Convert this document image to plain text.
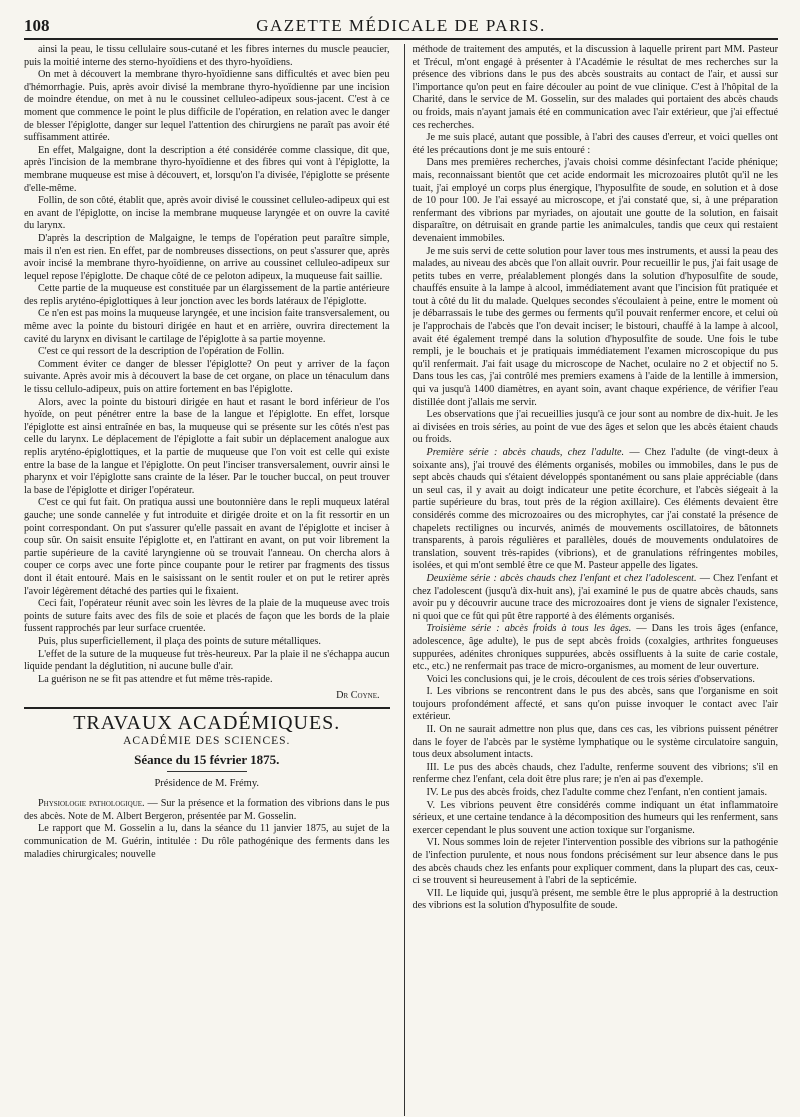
108	GAZETTE MÉDICALE DE PARIS.

ainsi la peau, le tissu cellulaire sous-cutané et les fibres internes du muscle peaucier, puis la moitié interne des sterno-hyoïdiens et des thyro-hyoïdiens.

On met à découvert la membrane thyro-hyoïdienne sans difficultés et avec bien peu d'hémorrhagie. Puis, après avoir divisé la membrane thyro-hyoïdienne par une incision de moindre étendue, on met à nu le coussinet celluleo-adipeux sous-jacent. C'est à ce moment que commence le point le plus difficile de l'opération, en relation avec le danger de blesser l'épiglotte, danger sur lequel l'attention des chirurgiens ne paraît pas avoir été suffisamment attirée.

En effet, Malgaigne, dont la description a été considérée comme classique, dit que, après l'incision de la membrane thyro-hyoïdienne et des fibres qui vont à l'épiglotte, la membrane muqueuse est mise à découvert, et, lorsqu'on l'a divisée, l'épiglotte se présente d'elle-même.

Follin, de son côté, établit que, après avoir divisé le coussinet celluleo-adipeux qui est en avant de l'épiglotte, on incise la membrane muqueuse laryngée et on ouvre la cavité du larynx.

D'après la description de Malgaigne, le temps de l'opération peut paraître simple, mais il n'en est rien. En effet, par de nombreuses dissections, on peut s'assurer que, après avoir incisé la membrane thyro-hyoïdienne, on arrive au coussinet celluleo-adipeux sur lequel repose l'épiglotte. De chaque côté de ce peloton adipeux, la muqueuse fait saillie.

Cette partie de la muqueuse est constituée par un élargissement de la partie antérieure des replis aryténo-épiglottiques à leur jonction avec les bords latéraux de l'épiglotte.

Ce n'en est pas moins la muqueuse laryngée, et une incision faite transversalement, ou même avec la pointe du bistouri dirigée en haut et en arrière, ouvrira directement la cavité du larynx en divisant le cartilage de l'épiglotte à sa partie moyenne.

C'est ce qui ressort de la description de l'opération de Follin.

Comment éviter ce danger de blesser l'épiglotte? On peut y arriver de la façon suivante. Après avoir mis à découvert la base de cet organe, on place un ténaculum dans le tissu cellulo-adipeux, puis on attire fortement en bas l'épiglotte.

Alors, avec la pointe du bistouri dirigée en haut et rasant le bord inférieur de l'os hyoïde, on peut pénétrer entre la base de la langue et l'épiglotte. En effet, lorsque l'épiglotte est ainsi entraînée en bas, la muqueuse qui se présente sur les côtés n'est pas celle du larynx. Le déplacement de l'épiglotte a fait subir un déplacement analogue aux replis aryténo-épiglottiques, et la partie de muqueuse que l'on voit est celle qui existe entre la base de la langue et l'épiglotte. On peut l'inciser transversalement, ouvrir ainsi le pharynx et voir l'épiglotte sans crainte de la léser. Par le toucher buccal, on peut trouver la base de l'épiglotte et diriger l'opérateur.

C'est ce qui fut fait. On pratiqua aussi une boutonnière dans le repli muqueux latéral gauche; une sonde cannelée y fut introduite et dirigée droite et on la fit ressortir en un point correspondant. On put s'assurer qu'elle passait en avant de l'épiglotte et inciser à coup sûr. On saisit ensuite l'épiglotte et, en l'attirant en avant, on put voir librement la partie supérieure de la cavité laryngienne où se trouvait l'anneau. On chercha alors à couper ce corps avec une forte pince coupante pour le retirer par fragments des tissus dont il était entouré. Mais en le saisissant on le sentit rouler et on put le retirer après l'avoir légèrement détaché des parties qui le fixaient.

Ceci fait, l'opérateur réunit avec soin les lèvres de la plaie de la muqueuse avec trois points de suture faits avec des fils de soie et placés de façon que les bords de la plaie fussent rapprochés par leur surface cruentée.

Puis, plus superficiellement, il plaça des points de suture métalliques.

L'effet de la suture de la muqueuse fut très-heureux. Par la plaie il ne s'échappa aucun liquide pendant la déglutition, ni aucune bulle d'air.

La guérison ne se fit pas attendre et fut même très-rapide.

Dr Coyne.
TRAVAUX ACADÉMIQUES.
ACADÉMIE DES SCIENCES.
Séance du 15 février 1875.
Présidence de M. Frémy.

Physiologie pathologique. — Sur la présence et la formation des vibrions dans le pus des abcès. Note de M. Albert Bergeron, présentée par M. Gosselin.

Le rapport que M. Gosselin a lu, dans la séance du 11 janvier 1875, au sujet de la communication de M. Guérin, intitulée : Du rôle pathogénique des ferments dans les maladies chirurgicales; nouvelle

méthode de traitement des amputés, et la discussion à laquelle prirent part MM. Pasteur et Trécul, m'ont engagé à présenter à l'Académie le résultat de mes recherches sur la présence des vibrions dans le pus des abcès soustraits au contact de l'air, et aussi sur l'importance qu'on peut en faire découler au point de vue clinique. C'est à l'hôpital de la Charité, dans le service de M. Gosselin, sur des malades qui portaient des abcès chauds ou froids, mais n'ayant jamais été en communication avec l'air extérieur, que j'ai effectué ces recherches.

Je me suis placé, autant que possible, à l'abri des causes d'erreur, et voici quelles ont été les précautions dont je me suis entouré :

Dans mes premières recherches, j'avais choisi comme désinfectant l'acide phénique; mais, reconnaissant bientôt que cet acide endormait les microzoaires plutôt qu'il ne les tuait, j'ai employé un corps plus énergique, l'hyposulfite de soude, en solution et à dose de 10 pour 100. Je l'ai essayé au microscope, et j'ai constaté que, si, à une préparation renfermant des vibrions par myriades, on ajoutait une goutte de la solution, en faisait disparaître, on détruisait en grande partie les animalcules, tandis que ceux qui restaient devenaient immobiles.

Je me suis servi de cette solution pour laver tous mes instruments, et aussi la peau des malades, au niveau des abcès que l'on allait ouvrir. Pour recueillir le pus, j'ai fait usage de petits tubes en verre, préalablement plongés dans la solution d'hyposulfite de soude, chauffés ensuite à la lampe à alcool, immédiatement avant que l'incision fût pratiquée et tout à côté du lit du malade. Quelques secondes s'écoulaient à peine, entre le moment où je débarrassais le tube des germes ou ferments qu'il pouvait renfermer encore, et celui où je l'approchais de l'abcès que l'on devait inciser; le bistouri, chauffé à la lampe à alcool, avait été également trempé dans la solution d'hyposulfite de soude. Une fois le tube rempli, je le bouchais et je pratiquais immédiatement l'examen microscopique du pus qu'il renfermait. J'ai fait usage du microscope de Nachet, oculaire no 2 et objectif no 5. Dans tous les cas, j'ai contrôlé mes premiers examens à l'aide de la lentille à immersion, qui va jusqu'à 1400 diamètres, en ayant soin, avant chaque expérience, de vérifier l'eau distillée dont j'allais me servir.

Les observations que j'ai recueillies jusqu'à ce jour sont au nombre de dix-huit. Je les ai divisées en trois séries, au point de vue des âges et selon que les abcès étaient chauds ou froids.

Première série : abcès chauds, chez l'adulte. — Chez l'adulte (de vingt-deux à soixante ans), j'ai trouvé des éléments organisés, mobiles ou immobiles, dans le pus de sept abcès chauds qui s'étaient développés spontanément ou sans plaie appréciable (dans un seul cas, il y avait au doigt indicateur une petite écorchure, et l'abcès siégeait à la partie supérieure du bras, tout près de la région axillaire). Ces éléments devaient être considérés comme des microzoaires ou des microphytes, car j'ai constaté la présence de chapelets rectilignes ou incurvés, animés de mouvements oscillatoires, de bâtonnets transparents, à parois régulières et parallèles, doués de mouvements ondulatoires de translation, souvent très-rapides (vibrions), et de granulations réfringentes mobiles, isolées, et qui m'ont semblé être ce que M. Pasteur appelle des ligates.

Deuxième série : abcès chauds chez l'enfant et chez l'adolescent. — Chez l'enfant et chez l'adolescent (jusqu'à dix-huit ans), j'ai examiné le pus de quatre abcès chauds, sans avoir pu y découvrir aucune trace des microzoaires dont je viens de signaler l'existence, ni quoi que ce fût qui pût être rapporté à des éléments organisés.

Troisième série : abcès froids à tous les âges. — Dans les trois âges (enfance, adolescence, âge adulte), le pus de sept abcès froids (coxalgies, arthrites fongueuses suppurées, adénites chroniques suppurées, abcès ossifluents à la suite de carie costale, etc., etc.) ne renfermait pas trace de micro-organismes, au moment de leur ouverture.

Voici les conclusions qui, je le crois, découlent de ces trois séries d'observations.

I. Les vibrions se rencontrent dans le pus des abcès, sans que l'organisme en soit toujours profondément affecté, et sans qu'on puisse invoquer le contact avec l'air extérieur.

II. On ne saurait admettre non plus que, dans ces cas, les vibrions puissent pénétrer dans le foyer de l'abcès par le système lymphatique ou le système circulatoire sanguin, tous deux absolument intacts.

III. Le pus des abcès chauds, chez l'adulte, renferme souvent des vibrions; s'il en renferme chez l'enfant, cela doit être plus rare; je n'en ai pas d'exemple.

IV. Le pus des abcès froids, chez l'adulte comme chez l'enfant, n'en contient jamais.

V. Les vibrions peuvent être considérés comme indiquant un état inflammatoire sérieux, et une certaine tendance à la décomposition des humeurs qui les renferment, sans exercer cependant le plus souvent une action toxique sur l'organisme.

VI. Nous sommes loin de rejeter l'intervention possible des vibrions sur la pathogénie de l'infection purulente, et nous nous fondons précisément sur leur absence dans le pus des abcès chauds chez les enfants pour expliquer comment, dans la plupart des cas, ceux-ci se trouvent si heureusement à l'abri de la septicémie.

VII. Le liquide qui, jusqu'à présent, me semble être le plus approprié à la destruction des vibrions est la solution d'hyposulfite de soude.
